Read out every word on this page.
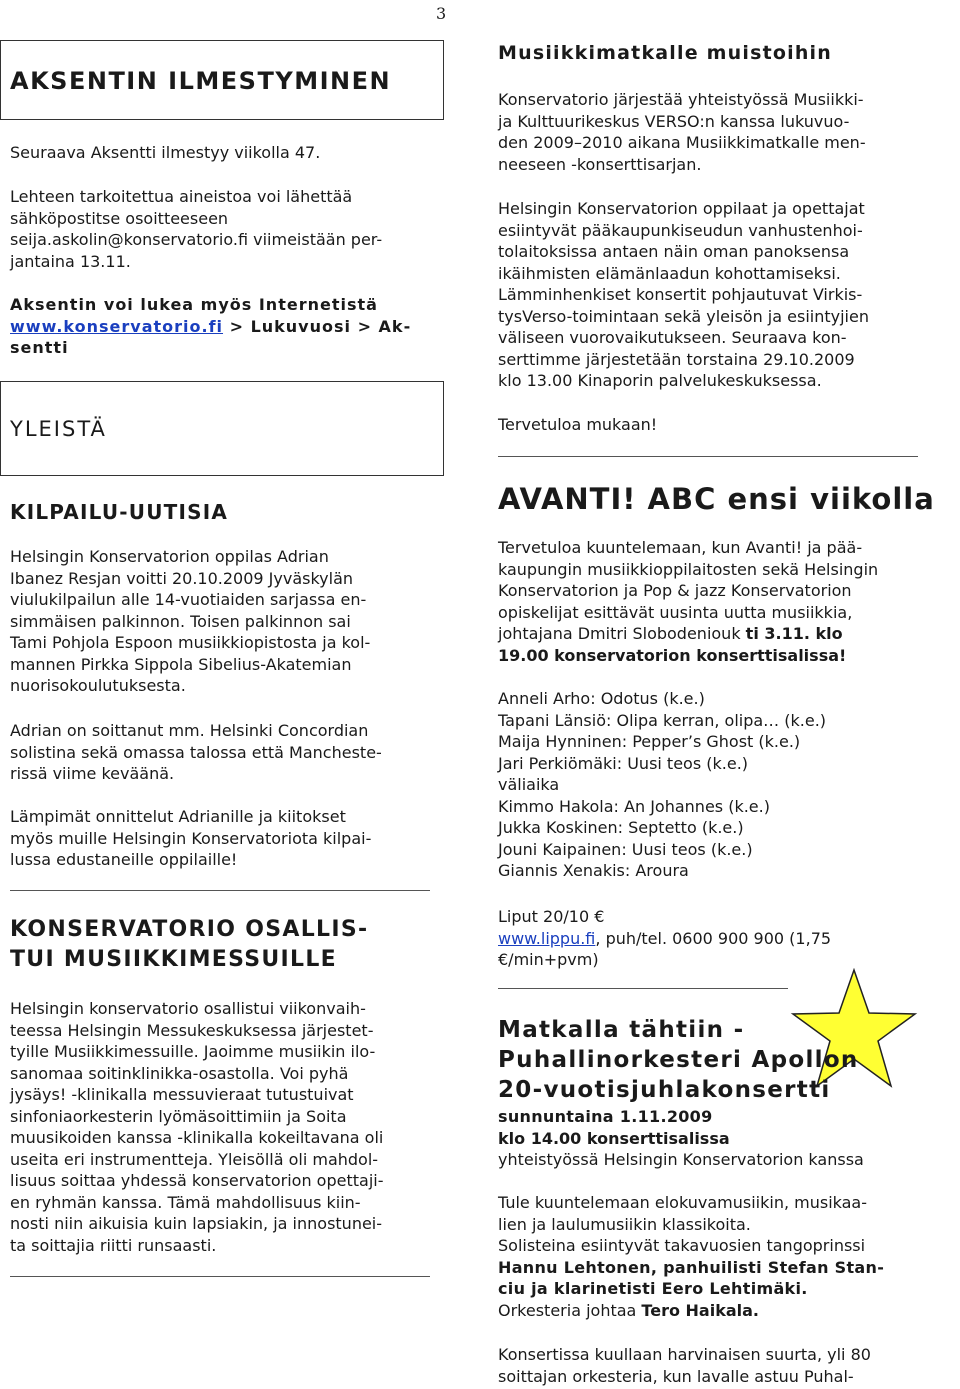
3
AKSENTIN ILMESTYMINEN
Seuraava Aksentti ilmestyy viikolla 47.
Lehteen tarkoitettua aineistoa voi lähettää
sähköpostitse osoitteeseen
seija.askolin@konservatorio.fi viimeistään per-
jantaina 13.11.
Aksentin voi lukea myös Internetistä
www.konservatorio.fi > Lukuvuosi > Ak-
sentti
YLEISTÄ
KILPAILU-UUTISIA
Helsingin Konservatorion oppilas Adrian
Ibanez Resjan voitti 20.10.2009 Jyväskylän
viulukilpailun alle 14-vuotiaiden sarjassa en-
simmäisen palkinnon. Toisen palkinnon sai
Tami Pohjola Espoon musiikkiopistosta ja kol-
mannen Pirkka Sippola Sibelius-Akatemian
nuorisokoulutuksesta.
Adrian on soittanut mm. Helsinki Concordian
solistina sekä omassa talossa että Mancheste-
rissä viime keväänä.
Lämpimät onnittelut Adrianille ja kiitokset
myös muille Helsingin Konservatoriota kilpai-
lussa edustaneille oppilaille!
KONSERVATORIO OSALLIS-
TUI MUSIIKKIMESSUILLE
Helsingin konservatorio osallistui viikonvaih-
teessa Helsingin Messukeskuksessa järjestet-
tyille Musiikkimessuille. Jaoimme musiikin ilo-
sanomaa soitinklinikka-osastolla. Voi pyhä
jysäys! -klinikalla messuvieraat tutustuivat
sinfoniaorkesterin lyömäsoittimiin ja Soita
muusikoiden kanssa -klinikalla kokeiltavana oli
useita eri instrumentteja. Yleisöllä oli mahdol-
lisuus soittaa yhdessä konservatorion opettaji-
en ryhmän kanssa. Tämä mahdollisuus kiin-
nosti niin aikuisia kuin lapsiakin, ja innostunei-
ta soittajia riitti runsaasti.
Musiikkimatkalle muistoihin
Konservatorio järjestää yhteistyössä Musiikki-
ja Kulttuurikeskus VERSO:n kanssa lukuvuo-
den 2009–2010 aikana Musiikkimatkalle men-
neeseen -konserttisarjan.
Helsingin Konservatorion oppilaat ja opettajat
esiintyvät pääkaupunkiseudun vanhustenhoi-
tolaitoksissa antaen näin oman panoksensa
ikäihmisten elämänlaadun kohottamiseksi.
Lämminhenkiset konsertit pohjautuvat Virkis-
tysVerso-toimintaan sekä yleisön ja esiintyjien
väliseen vuorovaikutukseen. Seuraava kon-
serttimme järjestetään torstaina 29.10.2009
klo 13.00 Kinaporin palvelukeskuksessa.
Tervetuloa mukaan!
AVANTI! ABC ensi viikolla
Tervetuloa kuuntelemaan, kun Avanti! ja pää-
kaupungin musiikkioppilaitosten sekä Helsingin
Konservatorion ja Pop & jazz Konservatorion
opiskelijat esittävät uusinta uutta musiikkia,
johtajana Dmitri Slobodeniouk ti 3.11. klo
19.00 konservatorion konserttisalissa!
Anneli Arho: Odotus (k.e.)
Tapani Länsiö: Olipa kerran, olipa… (k.e.)
Maija Hynninen: Pepper’s Ghost (k.e.)
Jari Perkiömäki: Uusi teos (k.e.)
väliaika
Kimmo Hakola: An Johannes (k.e.)
Jukka Koskinen: Septetto (k.e.)
Jouni Kaipainen: Uusi teos (k.e.)
Giannis Xenakis: Aroura
Liput 20/10 €
www.lippu.fi, puh/tel. 0600 900 900 (1,75
€/min+pvm)
Matkalla tähtiin -
Puhallinorkesteri Apollon
20-vuotisjuhlakonsertti
sunnuntaina 1.11.2009
klo 14.00 konserttisalissa
yhteistyössä Helsingin Konservatorion kanssa
Tule kuuntelemaan elokuvamusiikin, musikaa-
lien ja laulumusiikin klassikoita.
Solisteina esiintyvät takavuosien tangoprinssi
Hannu Lehtonen, panhuilisti Stefan Stan-
ciu ja klarinetisti Eero Lehtimäki.
Orkesteria johtaa Tero Haikala.
Konsertissa kuullaan harvinaisen suurta, yli 80
soittajan orkesteria, kun lavalle astuu Puhal-
